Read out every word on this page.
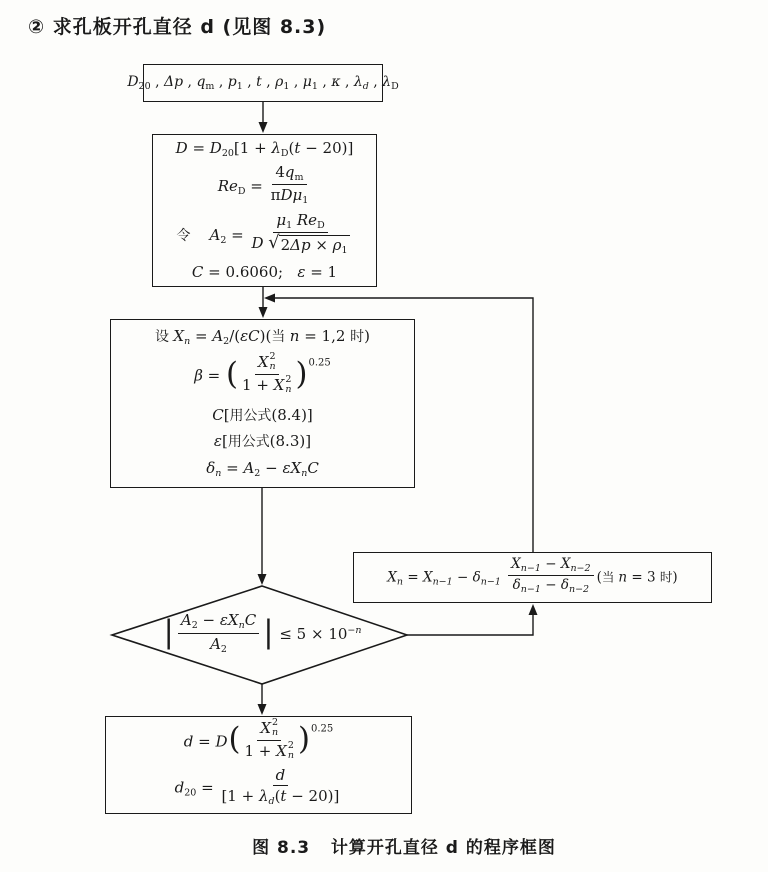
② 求孔板开孔直径 d (见图 8.3)
$D_{20}$ , Δp , $q_m$ , $p_1$ , t , $\rho_1$ , $\mu_1$ , κ , $\lambda_d$ , $\lambda_D$
$D = D_{20}[1 + \lambda_D(t - 20)]$
$Re_D = \frac{4q_m}{\pi D\mu_1}$
令 $A_2 = \frac{\mu_1 Re_D}{D √ 2\Delta p \times \rho_1}$
C = 0.6060;   ε = 1
设 $X_n = A_2/(\varepsilon C)$(当 n = 1,2 时)
β = ( X 2
n
1 + X 2
n )$^{0.25}$
C[用公式(8.4)]
ε[用公式(8.3)]
$\delta_n = A_2 - \varepsilon X_nC$
$X_n = X_{n-1} - \delta_{n-1} \frac{X_{n-1} - X_{n-2}}{\delta_{n-1} - \delta_{n-2}}$ (当 n = 3 时)
| $\frac{A_2 - \varepsilon X_nC}{A_2}$ | ≤ $5 \times 10^{-n}$
d = D( X 2
n
1 + X 2
n )$^{0.25}$
$d_{20} = \frac{d}{[1 + \lambda_d(t - 20)]}$
图 8.3   计算开孔直径 d 的程序框图
